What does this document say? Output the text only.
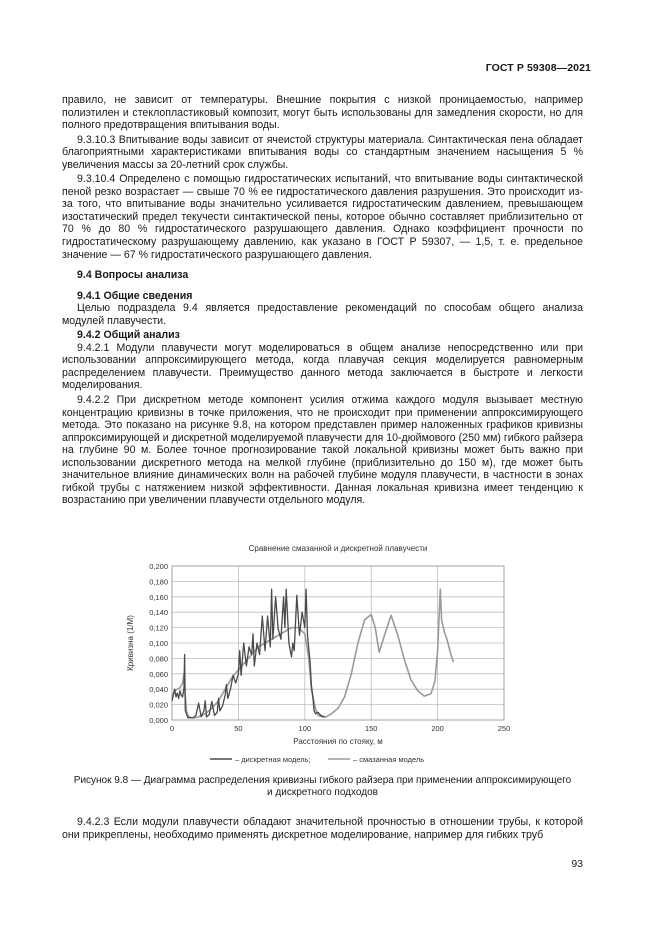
ГОСТ Р 59308—2021

правило, не зависит от температуры. Внешние покрытия с низкой проницаемостью, например полиэтилен и стеклопластиковый композит, могут быть использованы для замедления скорости, но для полного предотвращения впитывания воды.

9.3.10.3 Впитывание воды зависит от ячеистой структуры материала. Синтактическая пена обладает благоприятными характеристиками впитывания воды со стандартным значением насыщения 5 % увеличения массы за 20-летний срок службы.

9.3.10.4 Определено с помощью гидростатических испытаний, что впитывание воды синтактической пеной резко возрастает — свыше 70 % ее гидростатического давления разрушения. Это происходит из-за того, что впитывание воды значительно усиливается гидростатическим давлением, превышающем изостатический предел текучести синтактической пены, которое обычно составляет приблизительно от 70 % до 80 % гидростатического разрушающего давления. Однако коэффициент прочности по гидростатическому разрушающему давлению, как указано в ГОСТ Р 59307, — 1,5, т. е. предельное значение — 67 % гидростатического разрушающего давления.

9.4 Вопросы анализа

9.4.1 Общие сведения

Целью подраздела 9.4 является предоставление рекомендаций по способам общего анализа модулей плавучести.

9.4.2 Общий анализ

9.4.2.1 Модули плавучести могут моделироваться в общем анализе непосредственно или при использовании аппроксимирующего метода, когда плавучая секция моделируется равномерным распределением плавучести. Преимущество данного метода заключается в быстроте и легкости моделирования.

9.4.2.2 При дискретном методе компонент усилия отжима каждого модуля вызывает местную концентрацию кривизны в точке приложения, что не происходит при применении аппроксимирующего метода. Это показано на рисунке 9.8, на котором представлен пример наложенных графиков кривизны аппроксимирующей и дискретной моделируемой плавучести для 10-дюймового (250 мм) гибкого райзера на глубине 90 м. Более точное прогнозирование такой локальной кривизны может быть важно при использовании дискретного метода на мелкой глубине (приблизительно до 150 м), где может быть значительное влияние динамических волн на рабочей глубине модуля плавучести, в частности в зонах гибкой трубы с натяжением низкой эффективности. Данная локальная кривизна имеет тенденцию к возрастанию при увеличении плавучести отдельного модуля.

Сравнение смазанной и дискретной плавучести
0,000
0,020
0,040
0,060
0,080
0,100
0,120
0,140
0,160
0,180
0,200
0	50	100	150	200	250
Расстояния по стояку, м
Кривизна (1/М)
– дискретная модель;	– смазанная модель
Рисунок 9.8 — Диаграмма распределения кривизны гибкого райзера при применении аппроксимирующего
и дискретного подходов

9.4.2.3 Если модули плавучести обладают значительной прочностью в отношении трубы, к которой они прикреплены, необходимо применять дискретное моделирование, например для гибких труб

93
